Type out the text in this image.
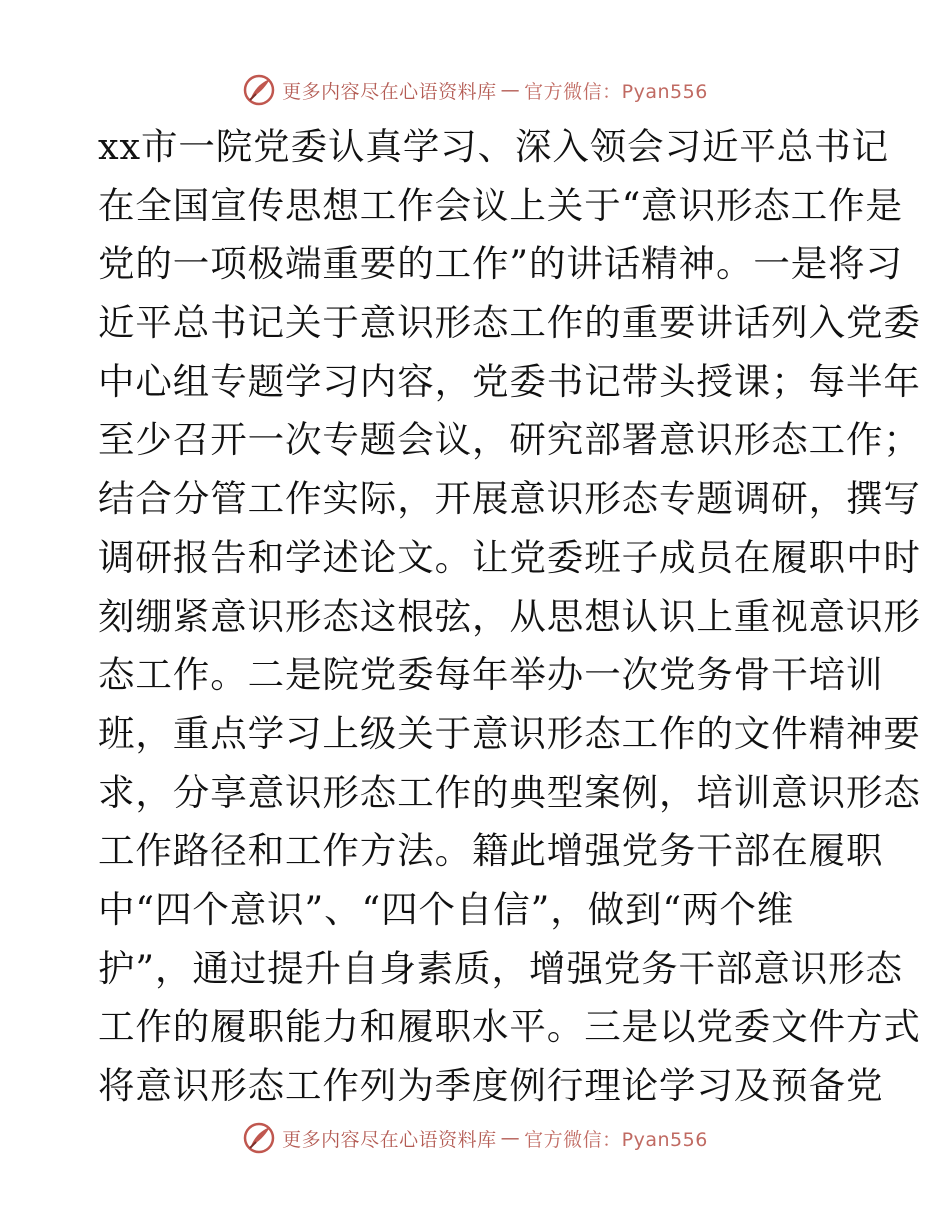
更多内容尽在心语资料库 — 官方微信：Pyan556
xx市一院党委认真学习、深入领会习近平总书记
在全国宣传思想工作会议上关于“意识形态工作是
党的一项极端重要的工作”的讲话精神。一是将习
近平总书记关于意识形态工作的重要讲话列入党委
中心组专题学习内容，党委书记带头授课；每半年
至少召开一次专题会议，研究部署意识形态工作；
结合分管工作实际，开展意识形态专题调研，撰写
调研报告和学述论文。让党委班子成员在履职中时
刻绷紧意识形态这根弦，从思想认识上重视意识形
态工作。二是院党委每年举办一次党务骨干培训
班，重点学习上级关于意识形态工作的文件精神要
求，分享意识形态工作的典型案例，培训意识形态
工作路径和工作方法。籍此增强党务干部在履职
中“四个意识”、“四个自信”，做到“两个维
护”，通过提升自身素质，增强党务干部意识形态
工作的履职能力和履职水平。三是以党委文件方式
将意识形态工作列为季度例行理论学习及预备党
更多内容尽在心语资料库 — 官方微信：Pyan556
